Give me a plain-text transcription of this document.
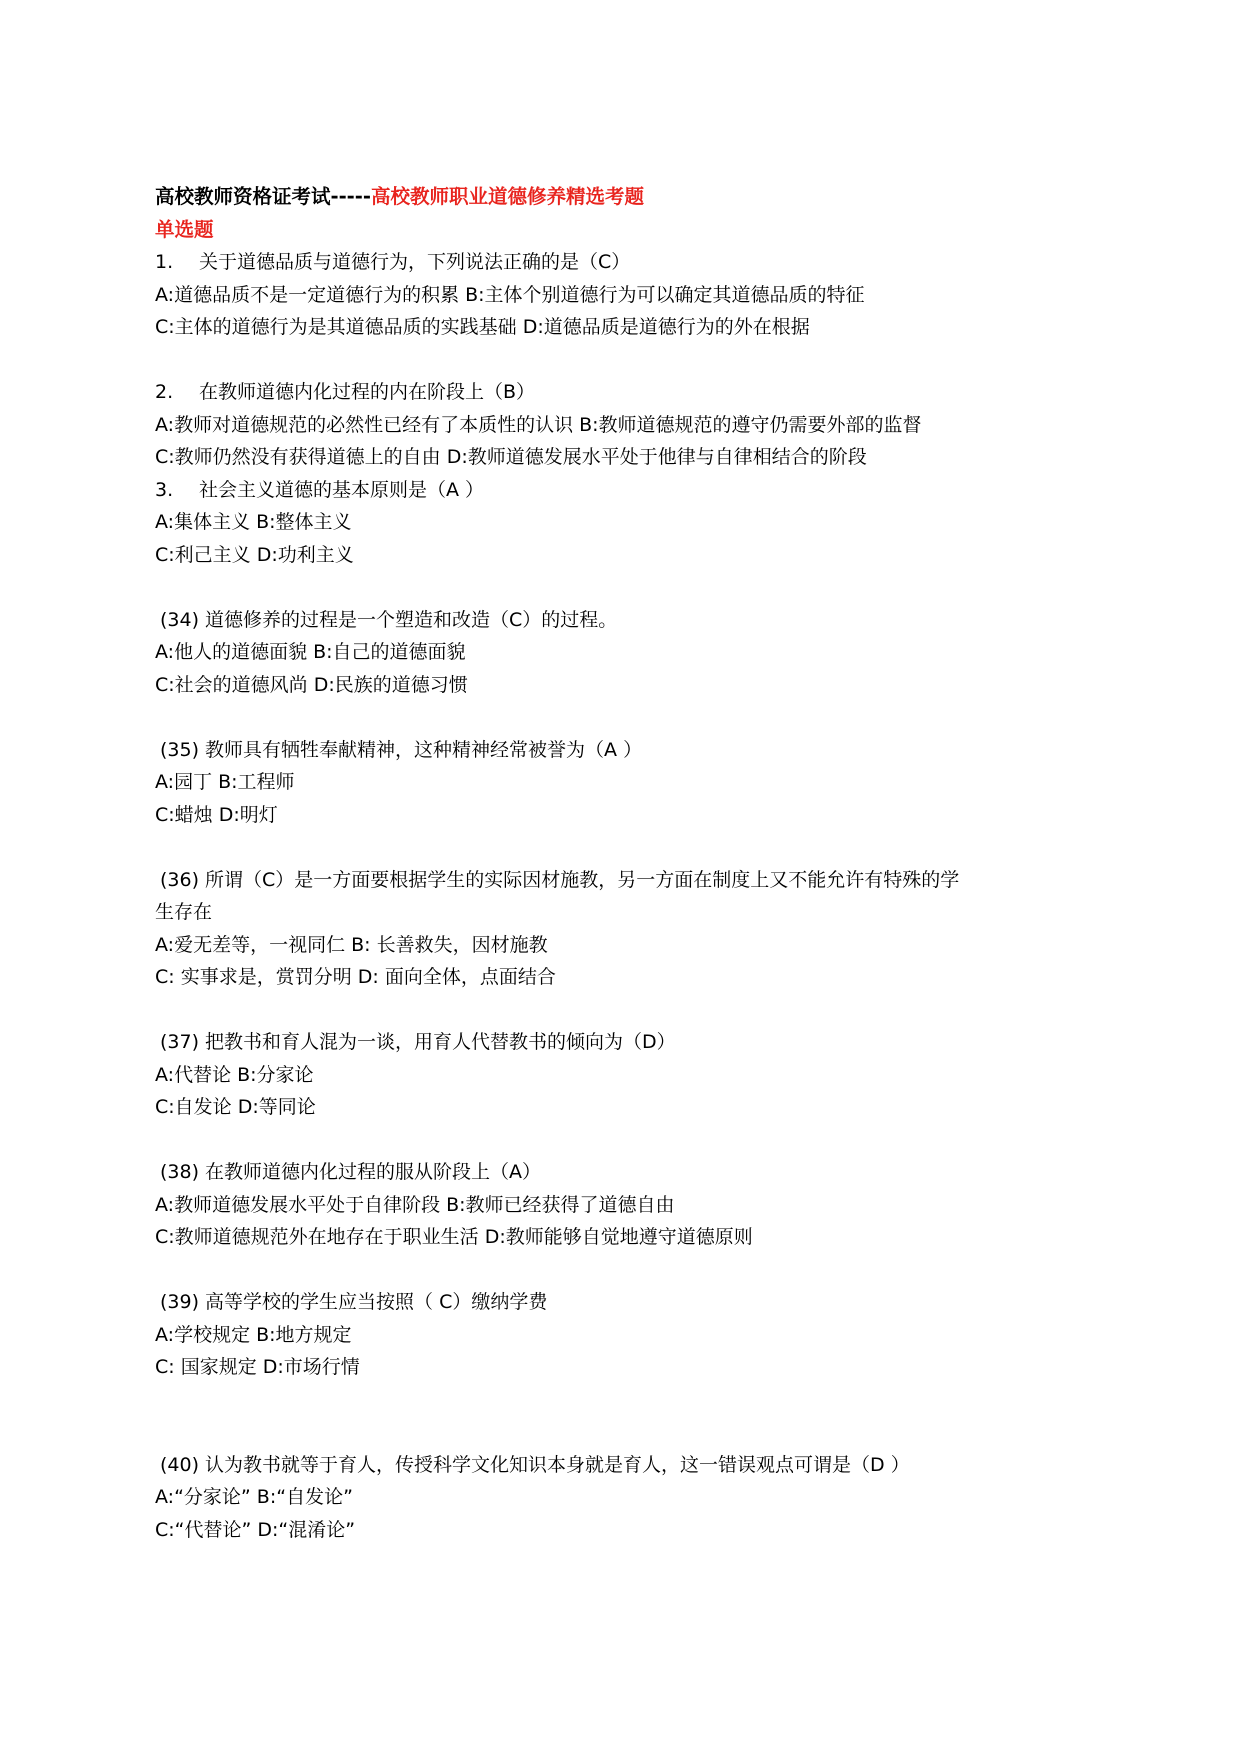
高校教师资格证考试-----高校教师职业道德修养精选考题
单选题
1. 关于道德品质与道德行为，下列说法正确的是（C）
A:道德品质不是一定道德行为的积累 B:主体个别道德行为可以确定其道德品质的特征
C:主体的道德行为是其道德品质的实践基础 D:道德品质是道德行为的外在根据
2. 在教师道德内化过程的内在阶段上（B）
A:教师对道德规范的必然性已经有了本质性的认识 B:教师道德规范的遵守仍需要外部的监督
C:教师仍然没有获得道德上的自由 D:教师道德发展水平处于他律与自律相结合的阶段
3. 社会主义道德的基本原则是（A ）
A:集体主义 B:整体主义
C:利己主义 D:功利主义
(34) 道德修养的过程是一个塑造和改造（C）的过程。
A:他人的道德面貌 B:自己的道德面貌
C:社会的道德风尚 D:民族的道德习惯
(35) 教师具有牺牲奉献精神，这种精神经常被誉为（A ）
A:园丁 B:工程师
C:蜡烛 D:明灯
(36) 所谓（C）是一方面要根据学生的实际因材施教，另一方面在制度上又不能允许有特殊的学
生存在
A:爱无差等，一视同仁 B: 长善救失，因材施教
C: 实事求是，赏罚分明 D: 面向全体，点面结合
(37) 把教书和育人混为一谈，用育人代替教书的倾向为（D）
A:代替论 B:分家论
C:自发论 D:等同论
(38) 在教师道德内化过程的服从阶段上（A）
A:教师道德发展水平处于自律阶段 B:教师已经获得了道德自由
C:教师道德规范外在地存在于职业生活 D:教师能够自觉地遵守道德原则
(39) 高等学校的学生应当按照（ C）缴纳学费
A:学校规定 B:地方规定
C: 国家规定 D:市场行情
(40) 认为教书就等于育人，传授科学文化知识本身就是育人，这一错误观点可谓是（D ）
A:“分家论” B:“自发论”
C:“代替论” D:“混淆论”
